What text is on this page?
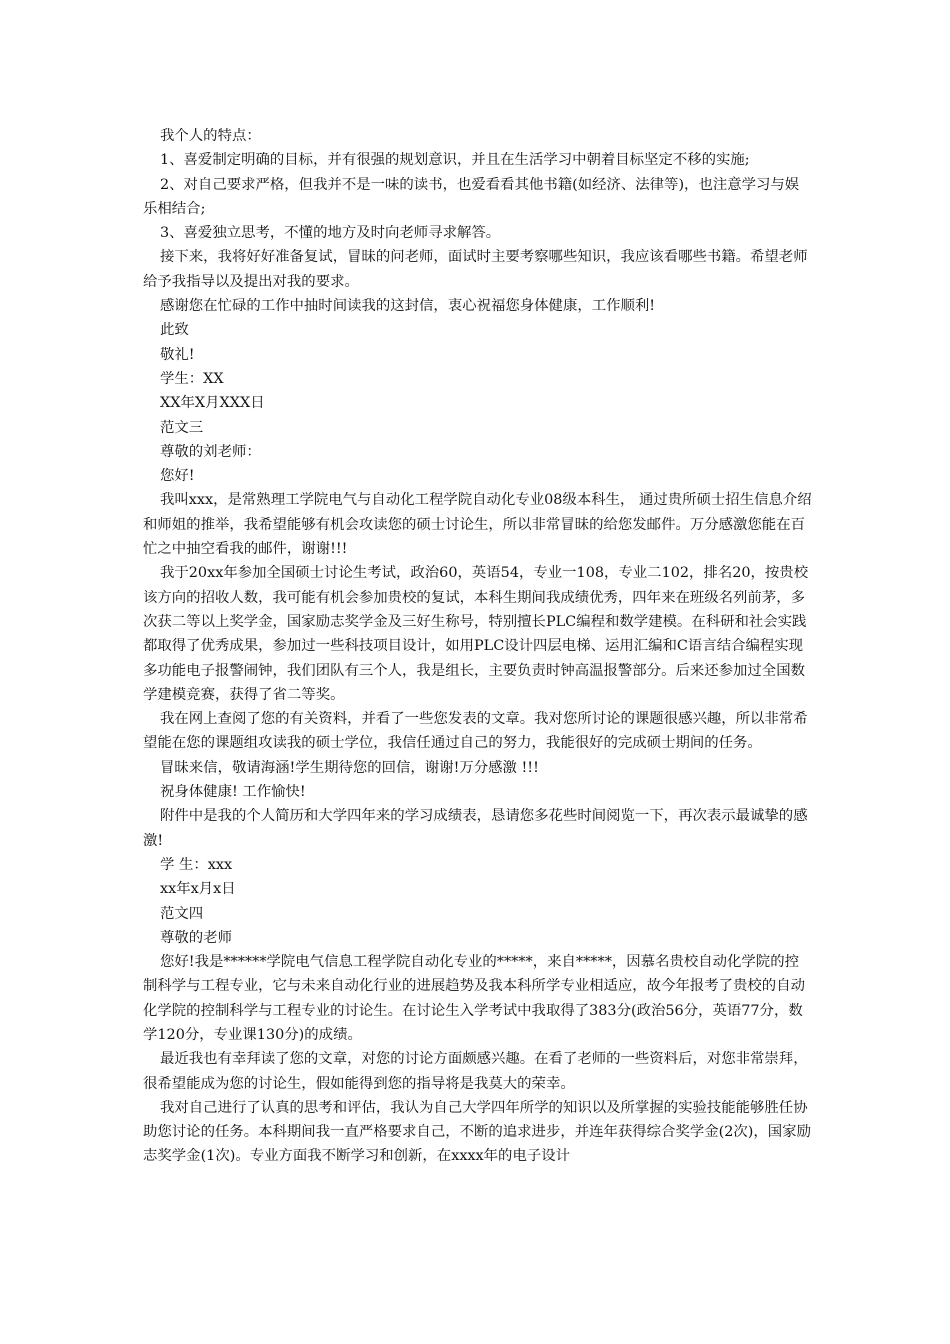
我个人的特点：

1、喜爱制定明确的目标，并有很强的规划意识，并且在生活学习中朝着目标坚定不移的实施;

2、对自己要求严格，但我并不是一味的读书，也爱看看其他书籍(如经济、法律等)，也注意学习与娱乐相结合;

3、喜爱独立思考，不懂的地方及时向老师寻求解答。

接下来，我将好好准备复试，冒昧的问老师，面试时主要考察哪些知识，我应该看哪些书籍。希望老师给予我指导以及提出对我的要求。

感谢您在忙碌的工作中抽时间读我的这封信，衷心祝福您身体健康，工作顺利!

此致

敬礼!

学生：XX

XX年X月XXX日

范文三

尊敬的刘老师：

您好!

我叫xxx，是常熟理工学院电气与自动化工程学院自动化专业08级本科生， 通过贵所硕士招生信息介绍和师姐的推举，我希望能够有机会攻读您的硕士讨论生，所以非常冒昧的给您发邮件。万分感激您能在百忙之中抽空看我的邮件，谢谢!!!

我于20xx年参加全国硕士讨论生考试，政治60，英语54，专业一108，专业二102，排名20，按贵校该方向的招收人数，我可能有机会参加贵校的复试，本科生期间我成绩优秀，四年来在班级名列前茅，多次获二等以上奖学金，国家励志奖学金及三好生称号，特别擅长PLC编程和数学建模。在科研和社会实践都取得了优秀成果，参加过一些科技项目设计，如用PLC设计四层电梯、运用汇编和C语言结合编程实现多功能电子报警闹钟，我们团队有三个人，我是组长，主要负责时钟高温报警部分。后来还参加过全国数学建模竞赛，获得了省二等奖。

我在网上查阅了您的有关资料，并看了一些您发表的文章。我对您所讨论的课题很感兴趣，所以非常希望能在您的课题组攻读我的硕士学位，我信任通过自己的努力，我能很好的完成硕士期间的任务。

冒昧来信，敬请海涵!学生期待您的回信，谢谢!万分感激 !!!

祝身体健康! 工作愉快!

附件中是我的个人简历和大学四年来的学习成绩表，恳请您多花些时间阅览一下，再次表示最诚挚的感激!

学 生：xxx

xx年x月x日

范文四

尊敬的老师

您好!我是******学院电气信息工程学院自动化专业的*****，来自*****，因慕名贵校自动化学院的控制科学与工程专业，它与未来自动化行业的进展趋势及我本科所学专业相适应，故今年报考了贵校的自动化学院的控制科学与工程专业的讨论生。在讨论生入学考试中我取得了383分(政治56分，英语77分，数学120分，专业课130分)的成绩。

最近我也有幸拜读了您的文章，对您的讨论方面颇感兴趣。在看了老师的一些资料后，对您非常崇拜，很希望能成为您的讨论生，假如能得到您的指导将是我莫大的荣幸。

我对自己进行了认真的思考和评估，我认为自己大学四年所学的知识以及所掌握的实验技能能够胜任协助您讨论的任务。本科期间我一直严格要求自己，不断的追求进步，并连年获得综合奖学金(2次)，国家励志奖学金(1次)。专业方面我不断学习和创新，在xxxx年的电子设计
